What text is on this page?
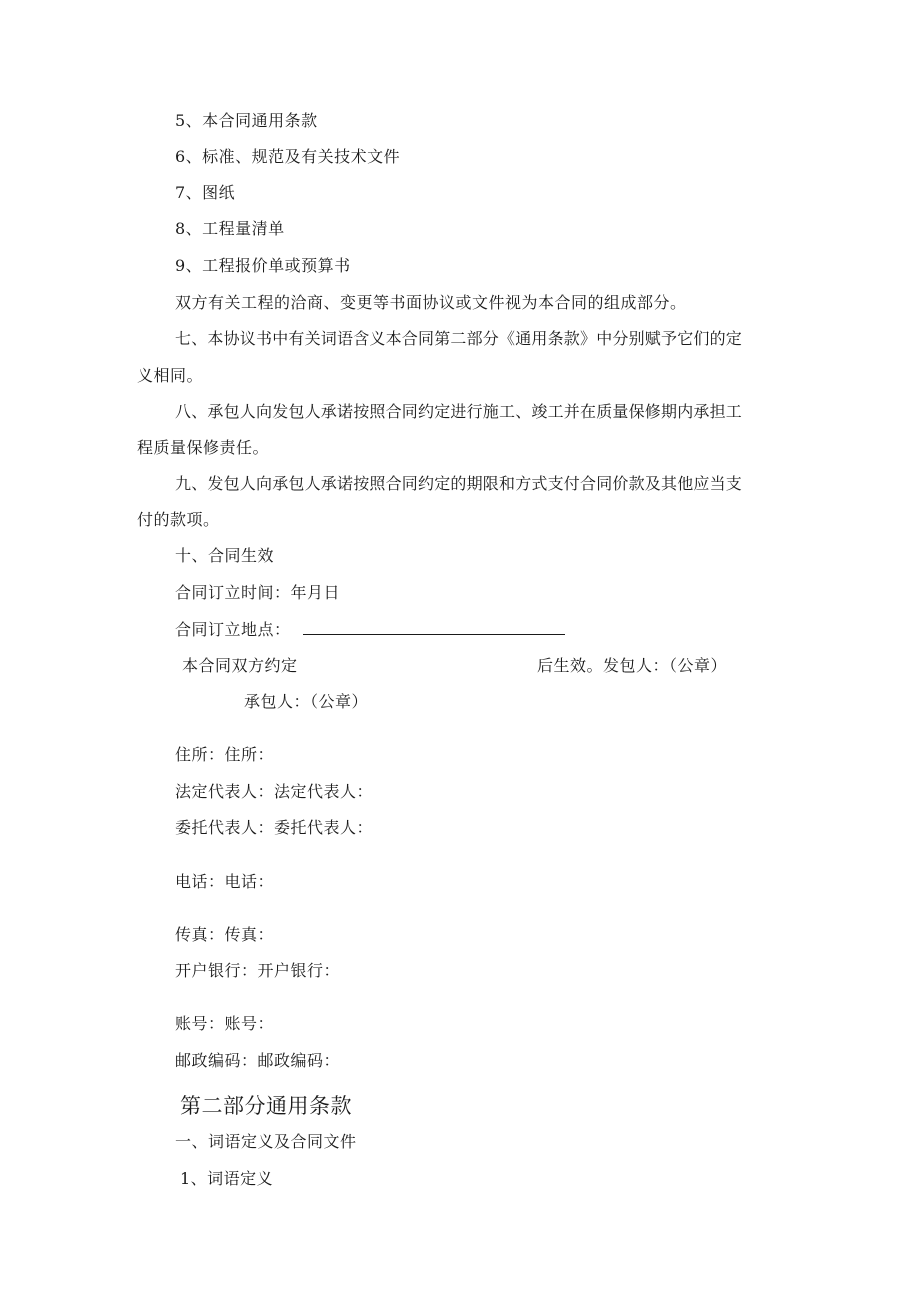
5、本合同通用条款
6、标准、规范及有关技术文件
7、图纸
8、工程量清单
9、工程报价单或预算书
双方有关工程的洽商、变更等书面协议或文件视为本合同的组成部分。
七、本协议书中有关词语含义本合同第二部分《通用条款》中分别赋予它们的定
义相同。
八、承包人向发包人承诺按照合同约定进行施工、竣工并在质量保修期内承担工
程质量保修责任。
九、发包人向承包人承诺按照合同约定的期限和方式支付合同价款及其他应当支
付的款项。
十、合同生效
合同订立时间：年月日
合同订立地点：
本合同双方约定	后生效。发包人：（公章）
承包人：（公章）
住所：住所：
法定代表人：法定代表人：
委托代表人：委托代表人：
电话：电话：
传真：传真：
开户银行：开户银行：
账号：账号：
邮政编码：邮政编码：
第二部分通用条款
一、词语定义及合同文件
1、词语定义
